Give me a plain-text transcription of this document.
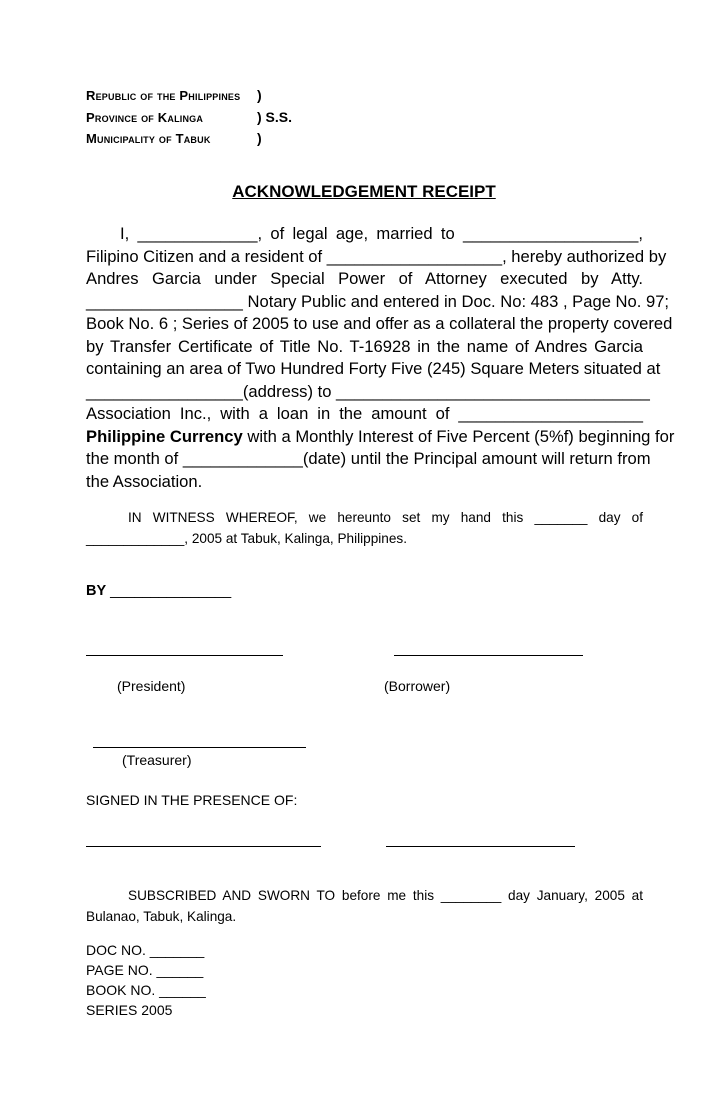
Republic of the Philippines
Province of Kalinga
Municipality of Tabuk
)
) S.S.
)
ACKNOWLEDGEMENT RECEIPT
I, _____________, of legal age, married to ___________________,
Filipino Citizen and a resident of ___________________, hereby authorized by
Andres Garcia under Special Power of Attorney executed by Atty.
_________________ Notary Public and entered in Doc. No: 483 , Page No. 97;
Book No. 6 ; Series of 2005 to use and offer as a collateral the property covered
by Transfer Certificate of Title No. T-16928 in the name of Andres Garcia
containing an area of Two Hundred Forty Five (245) Square Meters situated at
_________________(address) to __________________________________
Association Inc., with a loan in the amount of ____________________
Philippine Currency with a Monthly Interest of Five Percent (5%f) beginning for
the month of _____________(date) until the Principal amount will return from
the Association.
IN WITNESS WHEREOF, we hereunto set my hand this _______ day of
_____________, 2005 at Tabuk, Kalinga, Philippines.
BY _______________
(President)	(Borrower)
(Treasurer)
SIGNED IN THE PRESENCE OF:
SUBSCRIBED AND SWORN TO before me this ________ day January, 2005 at
Bulanao, Tabuk, Kalinga.
DOC NO. _______
PAGE NO. ______
BOOK NO. ______
SERIES 2005
